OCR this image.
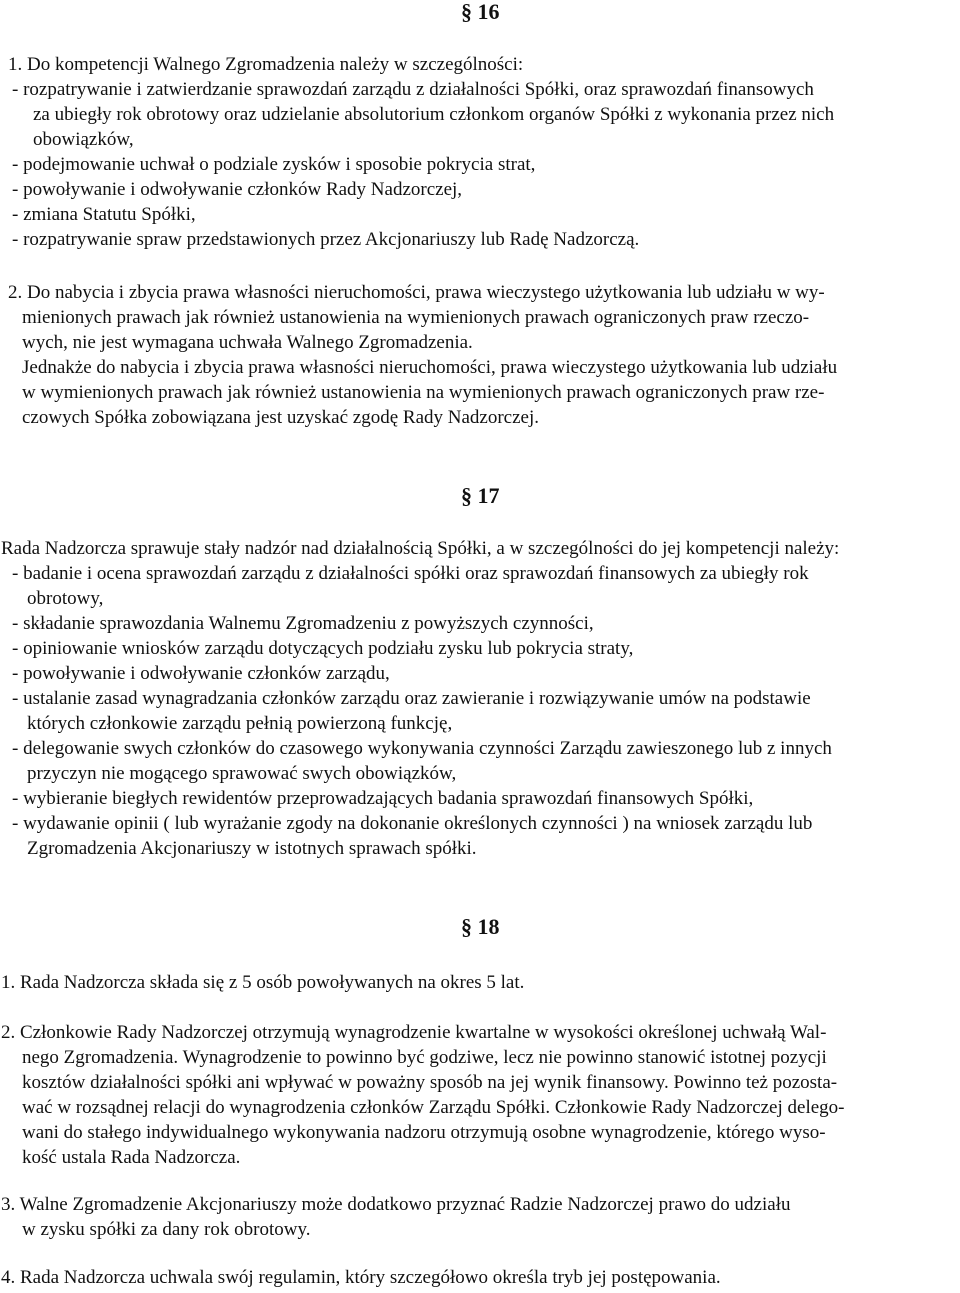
§ 16
1. Do kompetencji Walnego Zgromadzenia należy w szczególności:
- rozpatrywanie i zatwierdzanie sprawozdań zarządu z działalności Spółki, oraz sprawozdań finansowych
za ubiegły rok obrotowy oraz udzielanie absolutorium członkom organów Spółki z wykonania przez nich
obowiązków,
- podejmowanie uchwał o podziale zysków i sposobie pokrycia strat,
- powoływanie i odwoływanie członków Rady Nadzorczej,
- zmiana Statutu Spółki,
- rozpatrywanie spraw przedstawionych przez Akcjonariuszy lub Radę Nadzorczą.
2. Do nabycia i zbycia prawa własności nieruchomości, prawa wieczystego użytkowania lub udziału w wy-
mienionych prawach jak również ustanowienia na wymienionych prawach ograniczonych praw rzeczo-
wych, nie jest wymagana uchwała Walnego Zgromadzenia.
Jednakże do nabycia i zbycia prawa własności nieruchomości, prawa wieczystego użytkowania lub udziału
w wymienionych prawach jak również ustanowienia na wymienionych prawach ograniczonych praw rze-
czowych Spółka zobowiązana jest uzyskać zgodę Rady Nadzorczej.
§ 17
Rada Nadzorcza sprawuje stały nadzór nad działalnością Spółki, a w szczególności do jej kompetencji należy:
- badanie i ocena sprawozdań zarządu z działalności spółki oraz sprawozdań finansowych za ubiegły rok
obrotowy,
- składanie sprawozdania Walnemu Zgromadzeniu z powyższych czynności,
- opiniowanie wniosków zarządu dotyczących podziału zysku lub pokrycia straty,
- powoływanie i odwoływanie członków zarządu,
- ustalanie zasad wynagradzania członków zarządu oraz zawieranie i rozwiązywanie umów na podstawie
których członkowie zarządu pełnią powierzoną funkcję,
- delegowanie swych członków do czasowego wykonywania czynności Zarządu zawieszonego lub z innych
przyczyn nie mogącego sprawować swych obowiązków,
- wybieranie biegłych rewidentów przeprowadzających badania sprawozdań finansowych Spółki,
- wydawanie opinii ( lub wyrażanie zgody na dokonanie określonych czynności ) na wniosek zarządu lub
Zgromadzenia Akcjonariuszy w istotnych sprawach spółki.
§ 18
1. Rada Nadzorcza składa się z 5 osób powoływanych na okres 5 lat.
2. Członkowie Rady Nadzorczej otrzymują wynagrodzenie kwartalne w wysokości określonej uchwałą Wal-
nego Zgromadzenia. Wynagrodzenie to powinno być godziwe, lecz nie powinno stanowić istotnej pozycji
kosztów działalności spółki ani wpływać w poważny sposób na jej wynik finansowy. Powinno też pozosta-
wać w rozsądnej relacji do wynagrodzenia członków Zarządu Spółki. Członkowie Rady Nadzorczej delego-
wani do stałego indywidualnego wykonywania nadzoru otrzymują osobne wynagrodzenie, którego wyso-
kość ustala Rada Nadzorcza.
3. Walne Zgromadzenie Akcjonariuszy może dodatkowo przyznać Radzie Nadzorczej prawo do udziału
w zysku spółki za dany rok obrotowy.
4. Rada Nadzorcza uchwala swój regulamin, który szczegółowo określa tryb jej postępowania.
